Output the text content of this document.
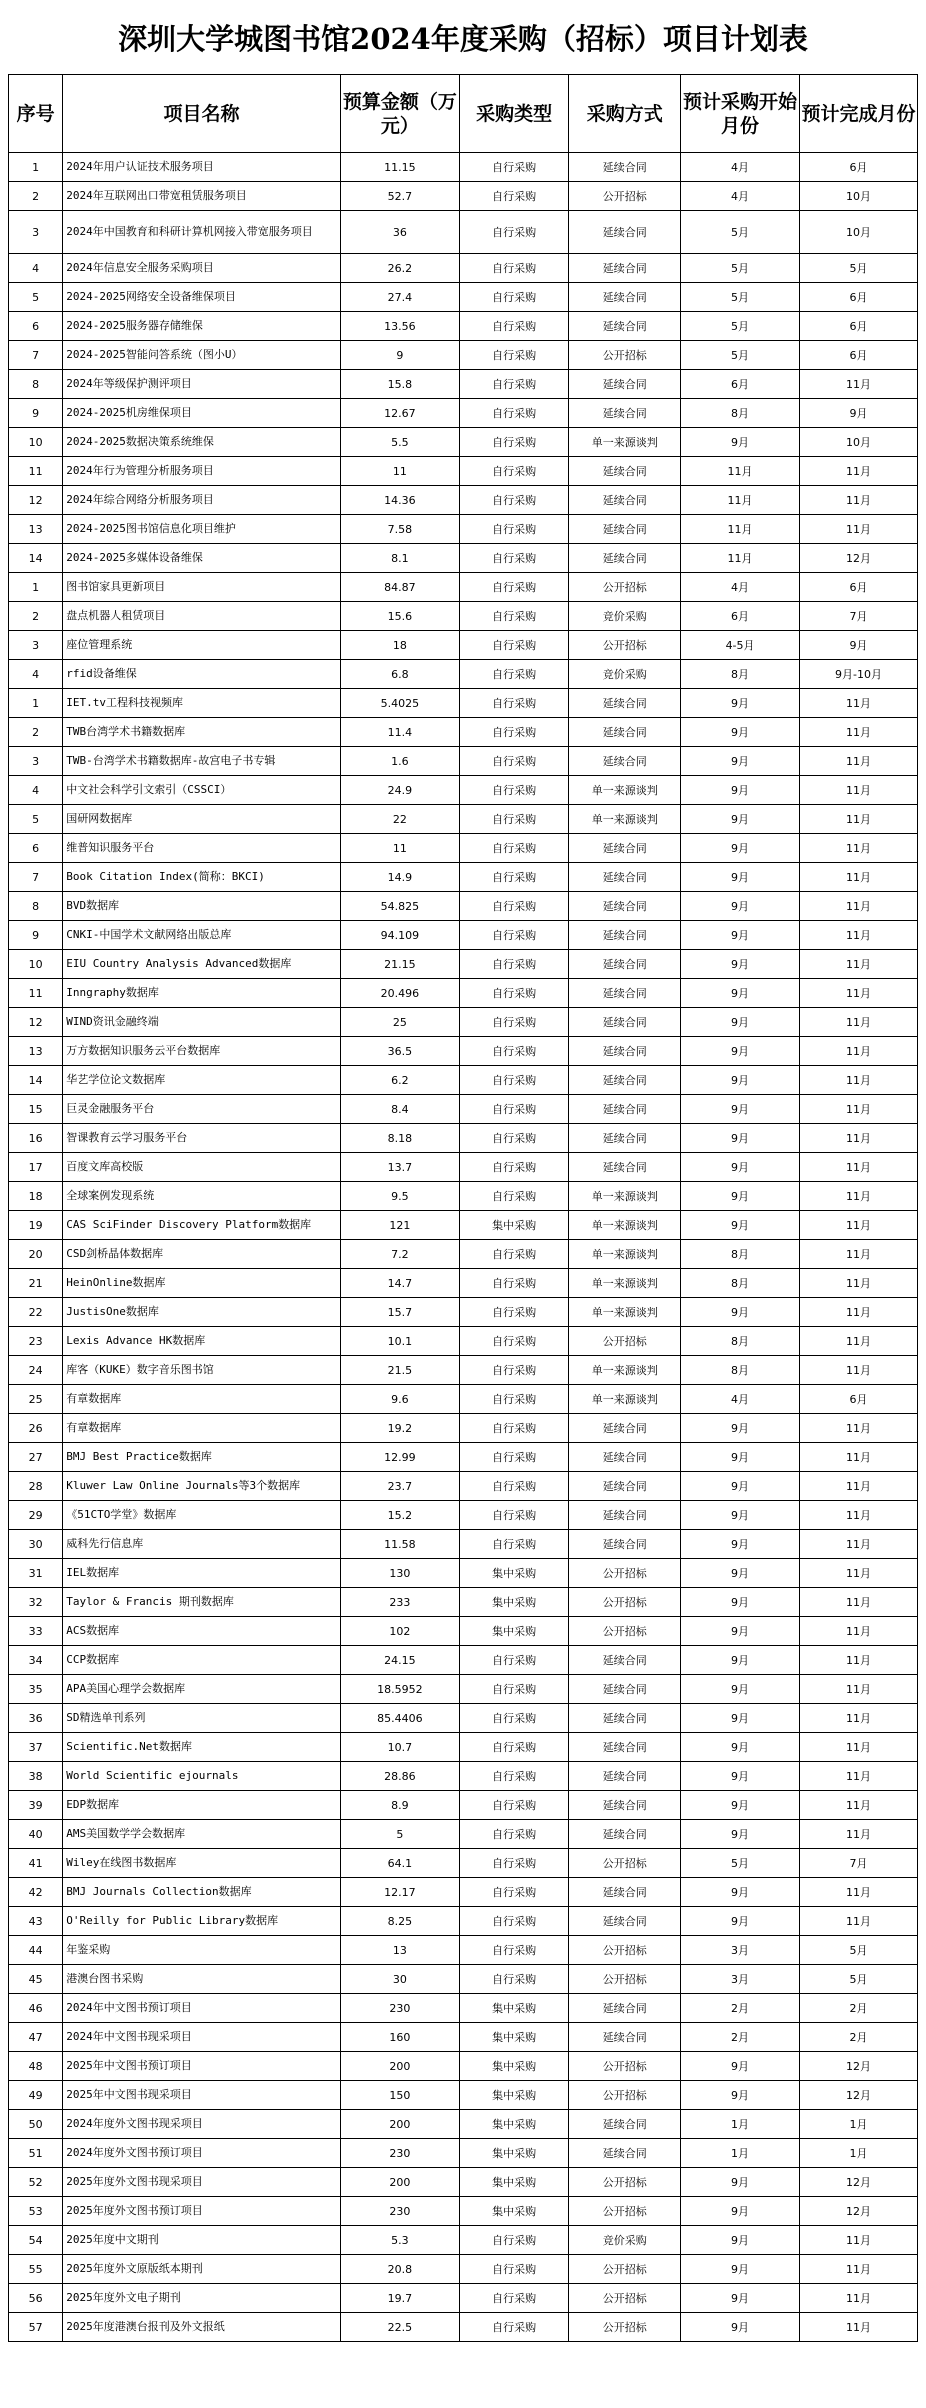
深圳大学城图书馆2024年度采购（招标）项目计划表
序号	项目名称	预算金额（万元）	采购类型	采购方式	预计采购开始月份	预计完成月份
1	2024年用户认证技术服务项目	11.15	自行采购	延续合同	4月	6月
2	2024年互联网出口带宽租赁服务项目	52.7	自行采购	公开招标	4月	10月
3	2024年中国教育和科研计算机网接入带宽服务项目	36	自行采购	延续合同	5月	10月
4	2024年信息安全服务采购项目	26.2	自行采购	延续合同	5月	5月
5	2024-2025网络安全设备维保项目	27.4	自行采购	延续合同	5月	6月
6	2024-2025服务器存储维保	13.56	自行采购	延续合同	5月	6月
7	2024-2025智能问答系统（图小U）	9	自行采购	公开招标	5月	6月
8	2024年等级保护测评项目	15.8	自行采购	延续合同	6月	11月
9	2024-2025机房维保项目	12.67	自行采购	延续合同	8月	9月
10	2024-2025数据决策系统维保	5.5	自行采购	单一来源谈判	9月	10月
11	2024年行为管理分析服务项目	11	自行采购	延续合同	11月	11月
12	2024年综合网络分析服务项目	14.36	自行采购	延续合同	11月	11月
13	2024-2025图书馆信息化项目维护	7.58	自行采购	延续合同	11月	11月
14	2024-2025多媒体设备维保	8.1	自行采购	延续合同	11月	12月
1	图书馆家具更新项目	84.87	自行采购	公开招标	4月	6月
2	盘点机器人租赁项目	15.6	自行采购	竞价采购	6月	7月
3	座位管理系统	18	自行采购	公开招标	4-5月	9月
4	rfid设备维保	6.8	自行采购	竞价采购	8月	9月-10月
1	IET.tv工程科技视频库	5.4025	自行采购	延续合同	9月	11月
2	TWB台湾学术书籍数据库	11.4	自行采购	延续合同	9月	11月
3	TWB-台湾学术书籍数据库-故宫电子书专辑	1.6	自行采购	延续合同	9月	11月
4	中文社会科学引文索引（CSSCI）	24.9	自行采购	单一来源谈判	9月	11月
5	国研网数据库	22	自行采购	单一来源谈判	9月	11月
6	维普知识服务平台	11	自行采购	延续合同	9月	11月
7	Book Citation Index(简称：BKCI)	14.9	自行采购	延续合同	9月	11月
8	BVD数据库	54.825	自行采购	延续合同	9月	11月
9	CNKI-中国学术文献网络出版总库	94.109	自行采购	延续合同	9月	11月
10	EIU Country Analysis Advanced数据库	21.15	自行采购	延续合同	9月	11月
11	Inngraphy数据库	20.496	自行采购	延续合同	9月	11月
12	WIND资讯金融终端	25	自行采购	延续合同	9月	11月
13	万方数据知识服务云平台数据库	36.5	自行采购	延续合同	9月	11月
14	华艺学位论文数据库	6.2	自行采购	延续合同	9月	11月
15	巨灵金融服务平台	8.4	自行采购	延续合同	9月	11月
16	智课教育云学习服务平台	8.18	自行采购	延续合同	9月	11月
17	百度文库高校版	13.7	自行采购	延续合同	9月	11月
18	全球案例发现系统	9.5	自行采购	单一来源谈判	9月	11月
19	CAS SciFinder Discovery Platform数据库	121	集中采购	单一来源谈判	9月	11月
20	CSD剑桥晶体数据库	7.2	自行采购	单一来源谈判	8月	11月
21	HeinOnline数据库	14.7	自行采购	单一来源谈判	8月	11月
22	JustisOne数据库	15.7	自行采购	单一来源谈判	9月	11月
23	Lexis Advance HK数据库	10.1	自行采购	公开招标	8月	11月
24	库客（KUKE）数字音乐图书馆	21.5	自行采购	单一来源谈判	8月	11月
25	有章数据库	9.6	自行采购	单一来源谈判	4月	6月
26	有章数据库	19.2	自行采购	延续合同	9月	11月
27	BMJ Best Practice数据库	12.99	自行采购	延续合同	9月	11月
28	Kluwer Law Online Journals等3个数据库	23.7	自行采购	延续合同	9月	11月
29	《51CTO学堂》数据库	15.2	自行采购	延续合同	9月	11月
30	威科先行信息库	11.58	自行采购	延续合同	9月	11月
31	IEL数据库	130	集中采购	公开招标	9月	11月
32	Taylor & Francis 期刊数据库	233	集中采购	公开招标	9月	11月
33	ACS数据库	102	集中采购	公开招标	9月	11月
34	CCP数据库	24.15	自行采购	延续合同	9月	11月
35	APA美国心理学会数据库	18.5952	自行采购	延续合同	9月	11月
36	SD精选单刊系列	85.4406	自行采购	延续合同	9月	11月
37	Scientific.Net数据库	10.7	自行采购	延续合同	9月	11月
38	World Scientific ejournals	28.86	自行采购	延续合同	9月	11月
39	EDP数据库	8.9	自行采购	延续合同	9月	11月
40	AMS美国数学学会数据库	5	自行采购	延续合同	9月	11月
41	Wiley在线图书数据库	64.1	自行采购	公开招标	5月	7月
42	BMJ Journals Collection数据库	12.17	自行采购	延续合同	9月	11月
43	O'Reilly for Public Library数据库	8.25	自行采购	延续合同	9月	11月
44	年鉴采购	13	自行采购	公开招标	3月	5月
45	港澳台图书采购	30	自行采购	公开招标	3月	5月
46	2024年中文图书预订项目	230	集中采购	延续合同	2月	2月
47	2024年中文图书现采项目	160	集中采购	延续合同	2月	2月
48	2025年中文图书预订项目	200	集中采购	公开招标	9月	12月
49	2025年中文图书现采项目	150	集中采购	公开招标	9月	12月
50	2024年度外文图书现采项目	200	集中采购	延续合同	1月	1月
51	2024年度外文图书预订项目	230	集中采购	延续合同	1月	1月
52	2025年度外文图书现采项目	200	集中采购	公开招标	9月	12月
53	2025年度外文图书预订项目	230	集中采购	公开招标	9月	12月
54	2025年度中文期刊	5.3	自行采购	竞价采购	9月	11月
55	2025年度外文原版纸本期刊	20.8	自行采购	公开招标	9月	11月
56	2025年度外文电子期刊	19.7	自行采购	公开招标	9月	11月
57	2025年度港澳台报刊及外文报纸	22.5	自行采购	公开招标	9月	11月
